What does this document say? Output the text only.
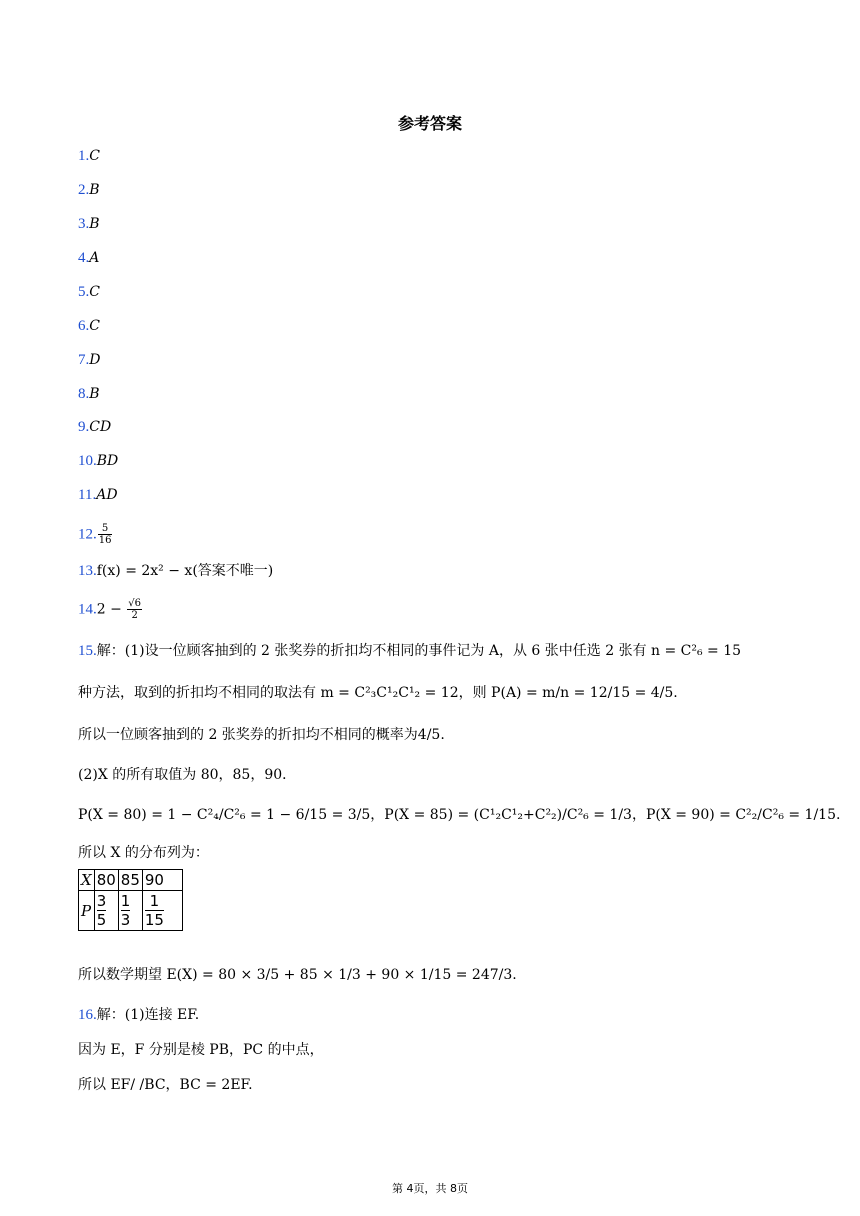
参考答案
1.C
2.B
3.B
4.A
5.C
6.C
7.D
8.B
9.CD
10.BD
11.AD
12. $\frac{5}{16}$
13.f(x) = 2x² − x(答案不唯一)
$14.2 - \frac{√6}{2}$
15.解：(1)设一位顾客抽到的 2 张奖券的折扣均不相同的事件记为 A，从 6 张中任选 2 张有 n = C²₆ = 15
种方法，取到的折扣均不相同的取法有 m = C²₃C¹₂C¹₂ = 12，则 P(A) = m/n = 12/15 = 4/5.
所以一位顾客抽到的 2 张奖券的折扣均不相同的概率为4/5.
(2)X 的所有取值为 80，85，90．
P(X = 80) = 1 − C²₄/C²₆ = 1 − 6/15 = 3/5，P(X = 85) = (C¹₂C¹₂+C²₂)/C²₆ = 1/3，P(X = 90) = C²₂/C²₆ = 1/15.
所以 X 的分布列为：
X	80	85	90
P	$\frac{3}{5}$	$\frac{1}{3}$	$\frac{1}{15}$
所以数学期望 E(X) = 80 × 3/5 + 85 × 1/3 + 90 × 1/15 = 247/3.
16.解：(1)连接 EF.
因为 E，F 分别是棱 PB，PC 的中点，
所以 EF/ /BC，BC = 2EF.
第 4页，共 8页
